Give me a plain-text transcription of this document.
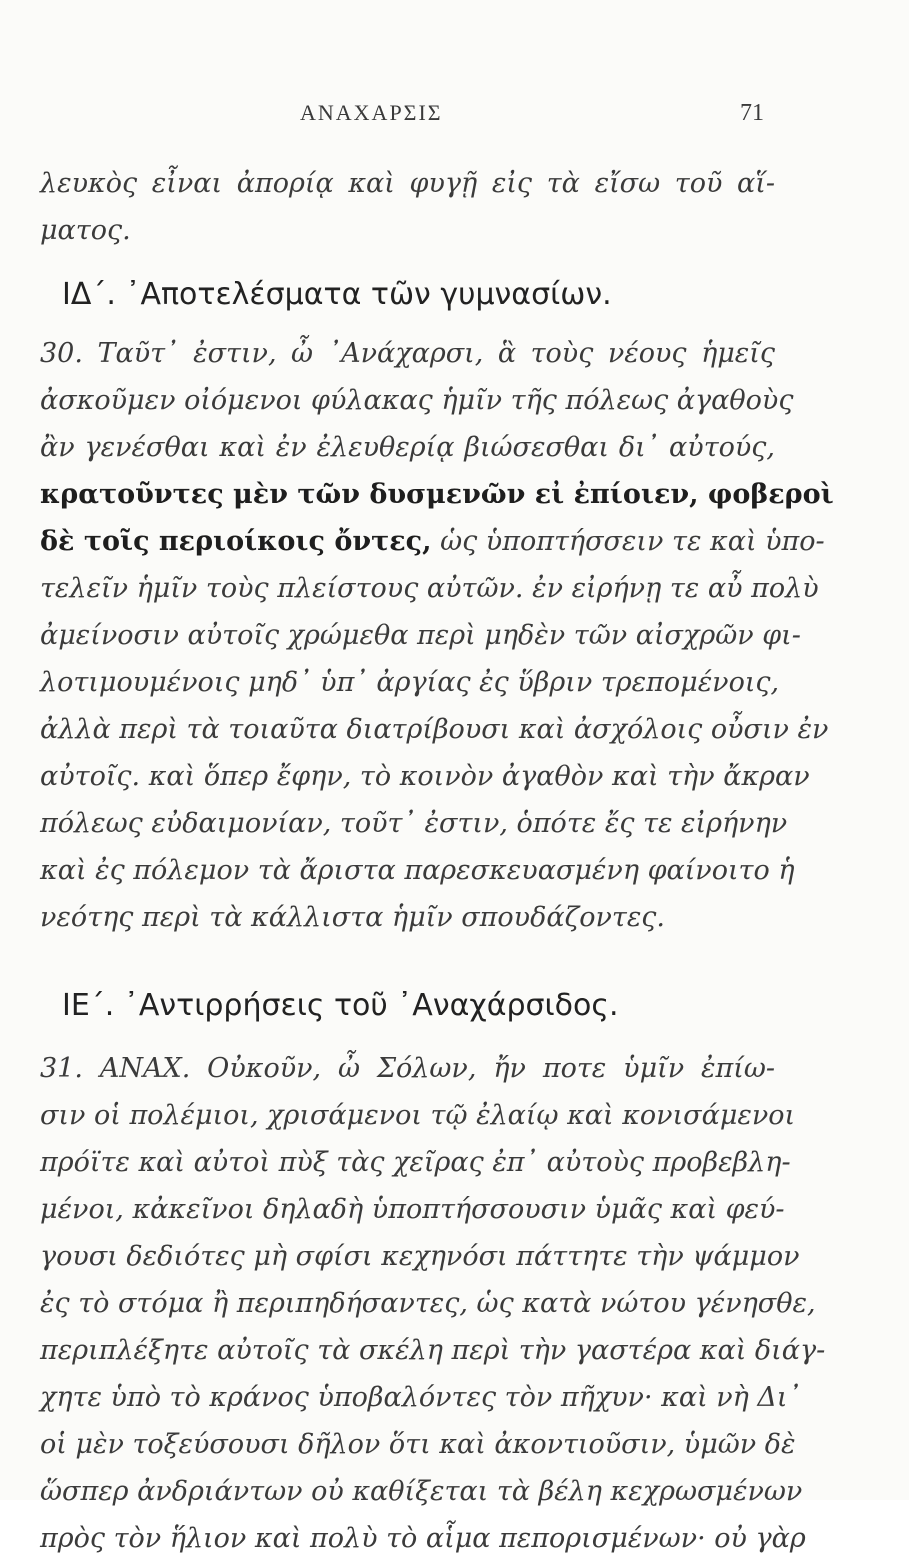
ΑΝΑΧΑΡΣΙΣ	71
λευκὸς εἶναι ἀπορίᾳ καὶ φυγῇ εἰς τὰ εἴσω τοῦ αἵ-
ματος.
ΙΔ΄. ᾿Αποτελέσματα τῶν γυμνασίων.
30. Ταῦτ᾿ ἐστιν, ὦ ᾿Ανάχαρσι, ἃ τοὺς νέους ἡμεῖς
ἀσκοῦμεν οἰόμενοι φύλακας ἡμῖν τῆς πόλεως ἀγαθοὺς
ἂν γενέσθαι καὶ ἐν ἐλευθερίᾳ βιώσεσθαι δι᾿ αὐτούς,
κρατοῦντες μὲν τῶν δυσμενῶν εἰ ἐπίοιεν, φοβεροὶ
δὲ τοῖς περιοίκοις ὄντες, ὡς ὑποπτήσσειν τε καὶ ὑπο-
τελεῖν ἡμῖν τοὺς πλείστους αὐτῶν. ἐν εἰρήνῃ τε αὖ πολὺ
ἀμείνοσιν αὐτοῖς χρώμεθα περὶ μηδὲν τῶν αἰσχρῶν φι-
λοτιμουμένοις μηδ᾿ ὑπ᾿ ἀργίας ἐς ὕβριν τρεπομένοις,
ἀλλὰ περὶ τὰ τοιαῦτα διατρίβουσι καὶ ἀσχόλοις οὖσιν ἐν
αὐτοῖς. καὶ ὅπερ ἔφην, τὸ κοινὸν ἀγαθὸν καὶ τὴν ἄκραν
πόλεως εὐδαιμονίαν, τοῦτ᾿ ἐστιν, ὁπότε ἔς τε εἰρήνην
καὶ ἐς πόλεμον τὰ ἄριστα παρεσκευασμένη φαίνοιτο ἡ
νεότης περὶ τὰ κάλλιστα ἡμῖν σπουδάζοντες.
ΙΕ΄. ᾿Αντιρρήσεις τοῦ ᾿Αναχάρσιδος.
31. ΑΝΑΧ. Οὐκοῦν, ὦ Σόλων, ἤν ποτε ὑμῖν ἐπίω-
σιν οἱ πολέμιοι, χρισάμενοι τῷ ἐλαίῳ καὶ κονισάμενοι
πρόϊτε καὶ αὐτοὶ πὺξ τὰς χεῖρας ἐπ᾿ αὐτοὺς προβεβλη-
μένοι, κἀκεῖνοι δηλαδὴ ὑποπτήσσουσιν ὑμᾶς καὶ φεύ-
γουσι δεδιότες μὴ σφίσι κεχηνόσι πάττητε τὴν ψάμμον
ἐς τὸ στόμα ἢ περιπηδήσαντες, ὡς κατὰ νώτου γένησθε,
περιπλέξητε αὐτοῖς τὰ σκέλη περὶ τὴν γαστέρα καὶ διάγ-
χητε ὑπὸ τὸ κράνος ὑποβαλόντες τὸν πῆχυν· καὶ νὴ Δι᾿
οἱ μὲν τοξεύσουσι δῆλον ὅτι καὶ ἀκοντιοῦσιν, ὑμῶν δὲ
ὥσπερ ἀνδριάντων οὐ καθίξεται τὰ βέλη κεχρωσμένων
πρὸς τὸν ἥλιον καὶ πολὺ τὸ αἷμα πεπορισμένων· οὐ γὰρ
